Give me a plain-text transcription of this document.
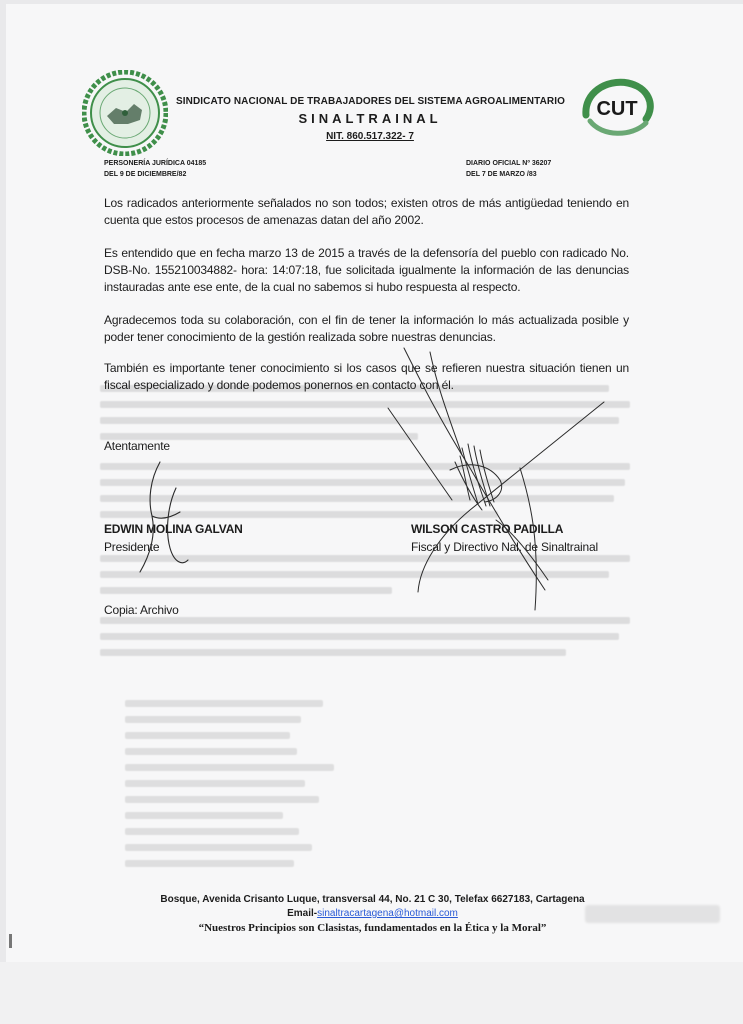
CUT
SINDICATO NACIONAL DE TRABAJADORES DEL SISTEMA AGROALIMENTARIO
SINALTRAINAL
NIT. 860.517.322- 7
PERSONERÍA JURÍDICA 04185
DEL 9 DE DICIEMBRE/82
DIARIO OFICIAL Nº 36207
DEL 7 DE MARZO /83
Los radicados anteriormente señalados no son todos; existen otros de más antigüedad teniendo en cuenta que estos procesos de amenazas datan del año 2002.
Es entendido que en fecha marzo 13 de 2015 a través de la defensoría del pueblo con radicado No. DSB-No. 155210034882- hora: 14:07:18, fue solicitada igualmente la información de las denuncias instauradas ante ese ente, de la cual no sabemos si hubo respuesta al respecto.
Agradecemos toda su colaboración, con el fin de tener la información lo más actualizada posible y poder tener conocimiento de la gestión realizada sobre nuestras denuncias.
También es importante tener conocimiento si los casos que se refieren nuestra situación tienen un fiscal especializado y donde podemos ponernos en contacto con él.
Atentamente
EDWIN MOLINA GALVAN
Presidente
WILSON CASTRO PADILLA
Fiscal y Directivo Nal. de Sinaltrainal
Copia: Archivo
Bosque, Avenida Crisanto Luque, transversal 44, No. 21 C 30, Telefax 6627183, Cartagena
Email-sinaltracartagena@hotmail.com
“Nuestros Principios son Clasistas, fundamentados en la Ética y la Moral”
